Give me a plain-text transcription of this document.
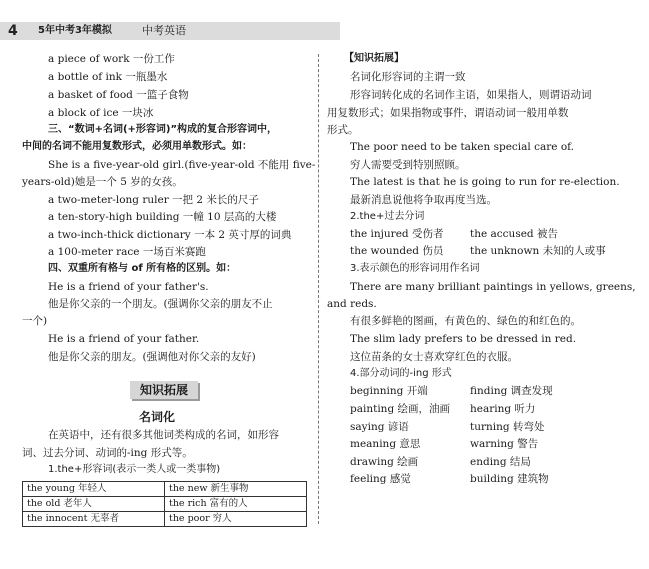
4	5年中考3年模拟	中考英语
a piece of work 一份工作
a bottle of ink 一瓶墨水
a basket of food 一篮子食物
a block of ice 一块冰
三、“数词+名词(+形容词)”构成的复合形容词中，
中间的名词不能用复数形式，必须用单数形式。如：
She is a five-year-old girl.(five-year-old 不能用 five-
years-old)她是一个 5 岁的女孩。
a two-meter-long ruler 一把 2 米长的尺子
a ten-story-high building 一幢 10 层高的大楼
a two-inch-thick dictionary 一本 2 英寸厚的词典
a 100-meter race 一场百米赛跑
四、双重所有格与 of 所有格的区别。如：
He is a friend of your father's.
他是你父亲的一个朋友。(强调你父亲的朋友不止
一个)
He is a friend of your father.
他是你父亲的朋友。(强调他对你父亲的友好)
知识拓展
名词化
在英语中，还有很多其他词类构成的名词，如形容
词、过去分词、动词的-ing 形式等。
1.the+形容词(表示一类人或一类事物)
the young 年轻人	the new 新生事物
the old 老年人	the rich 富有的人
the innocent 无辜者	the poor 穷人
【知识拓展】
名词化形容词的主谓一致
形容词转化成的名词作主语，如果指人，则谓语动词
用复数形式；如果指物或事件，谓语动词一般用单数
形式。
The poor need to be taken special care of.
穷人需要受到特别照顾。
The latest is that he is going to run for re-election.
最新消息说他将争取再度当选。
2.the+过去分词
the injured 受伤者	the accused 被告
the wounded 伤员	the unknown 未知的人或事
3.表示颜色的形容词用作名词
There are many brilliant paintings in yellows, greens,
and reds.
有很多鲜艳的图画，有黄色的、绿色的和红色的。
The slim lady prefers to be dressed in red.
这位苗条的女士喜欢穿红色的衣服。
4.部分动词的-ing 形式
beginning 开端	finding 调查发现
painting 绘画，油画 hearing 听力
saying 谚语	turning 转弯处
meaning 意思	warning 警告
drawing 绘画	ending 结局
feeling 感觉	building 建筑物
